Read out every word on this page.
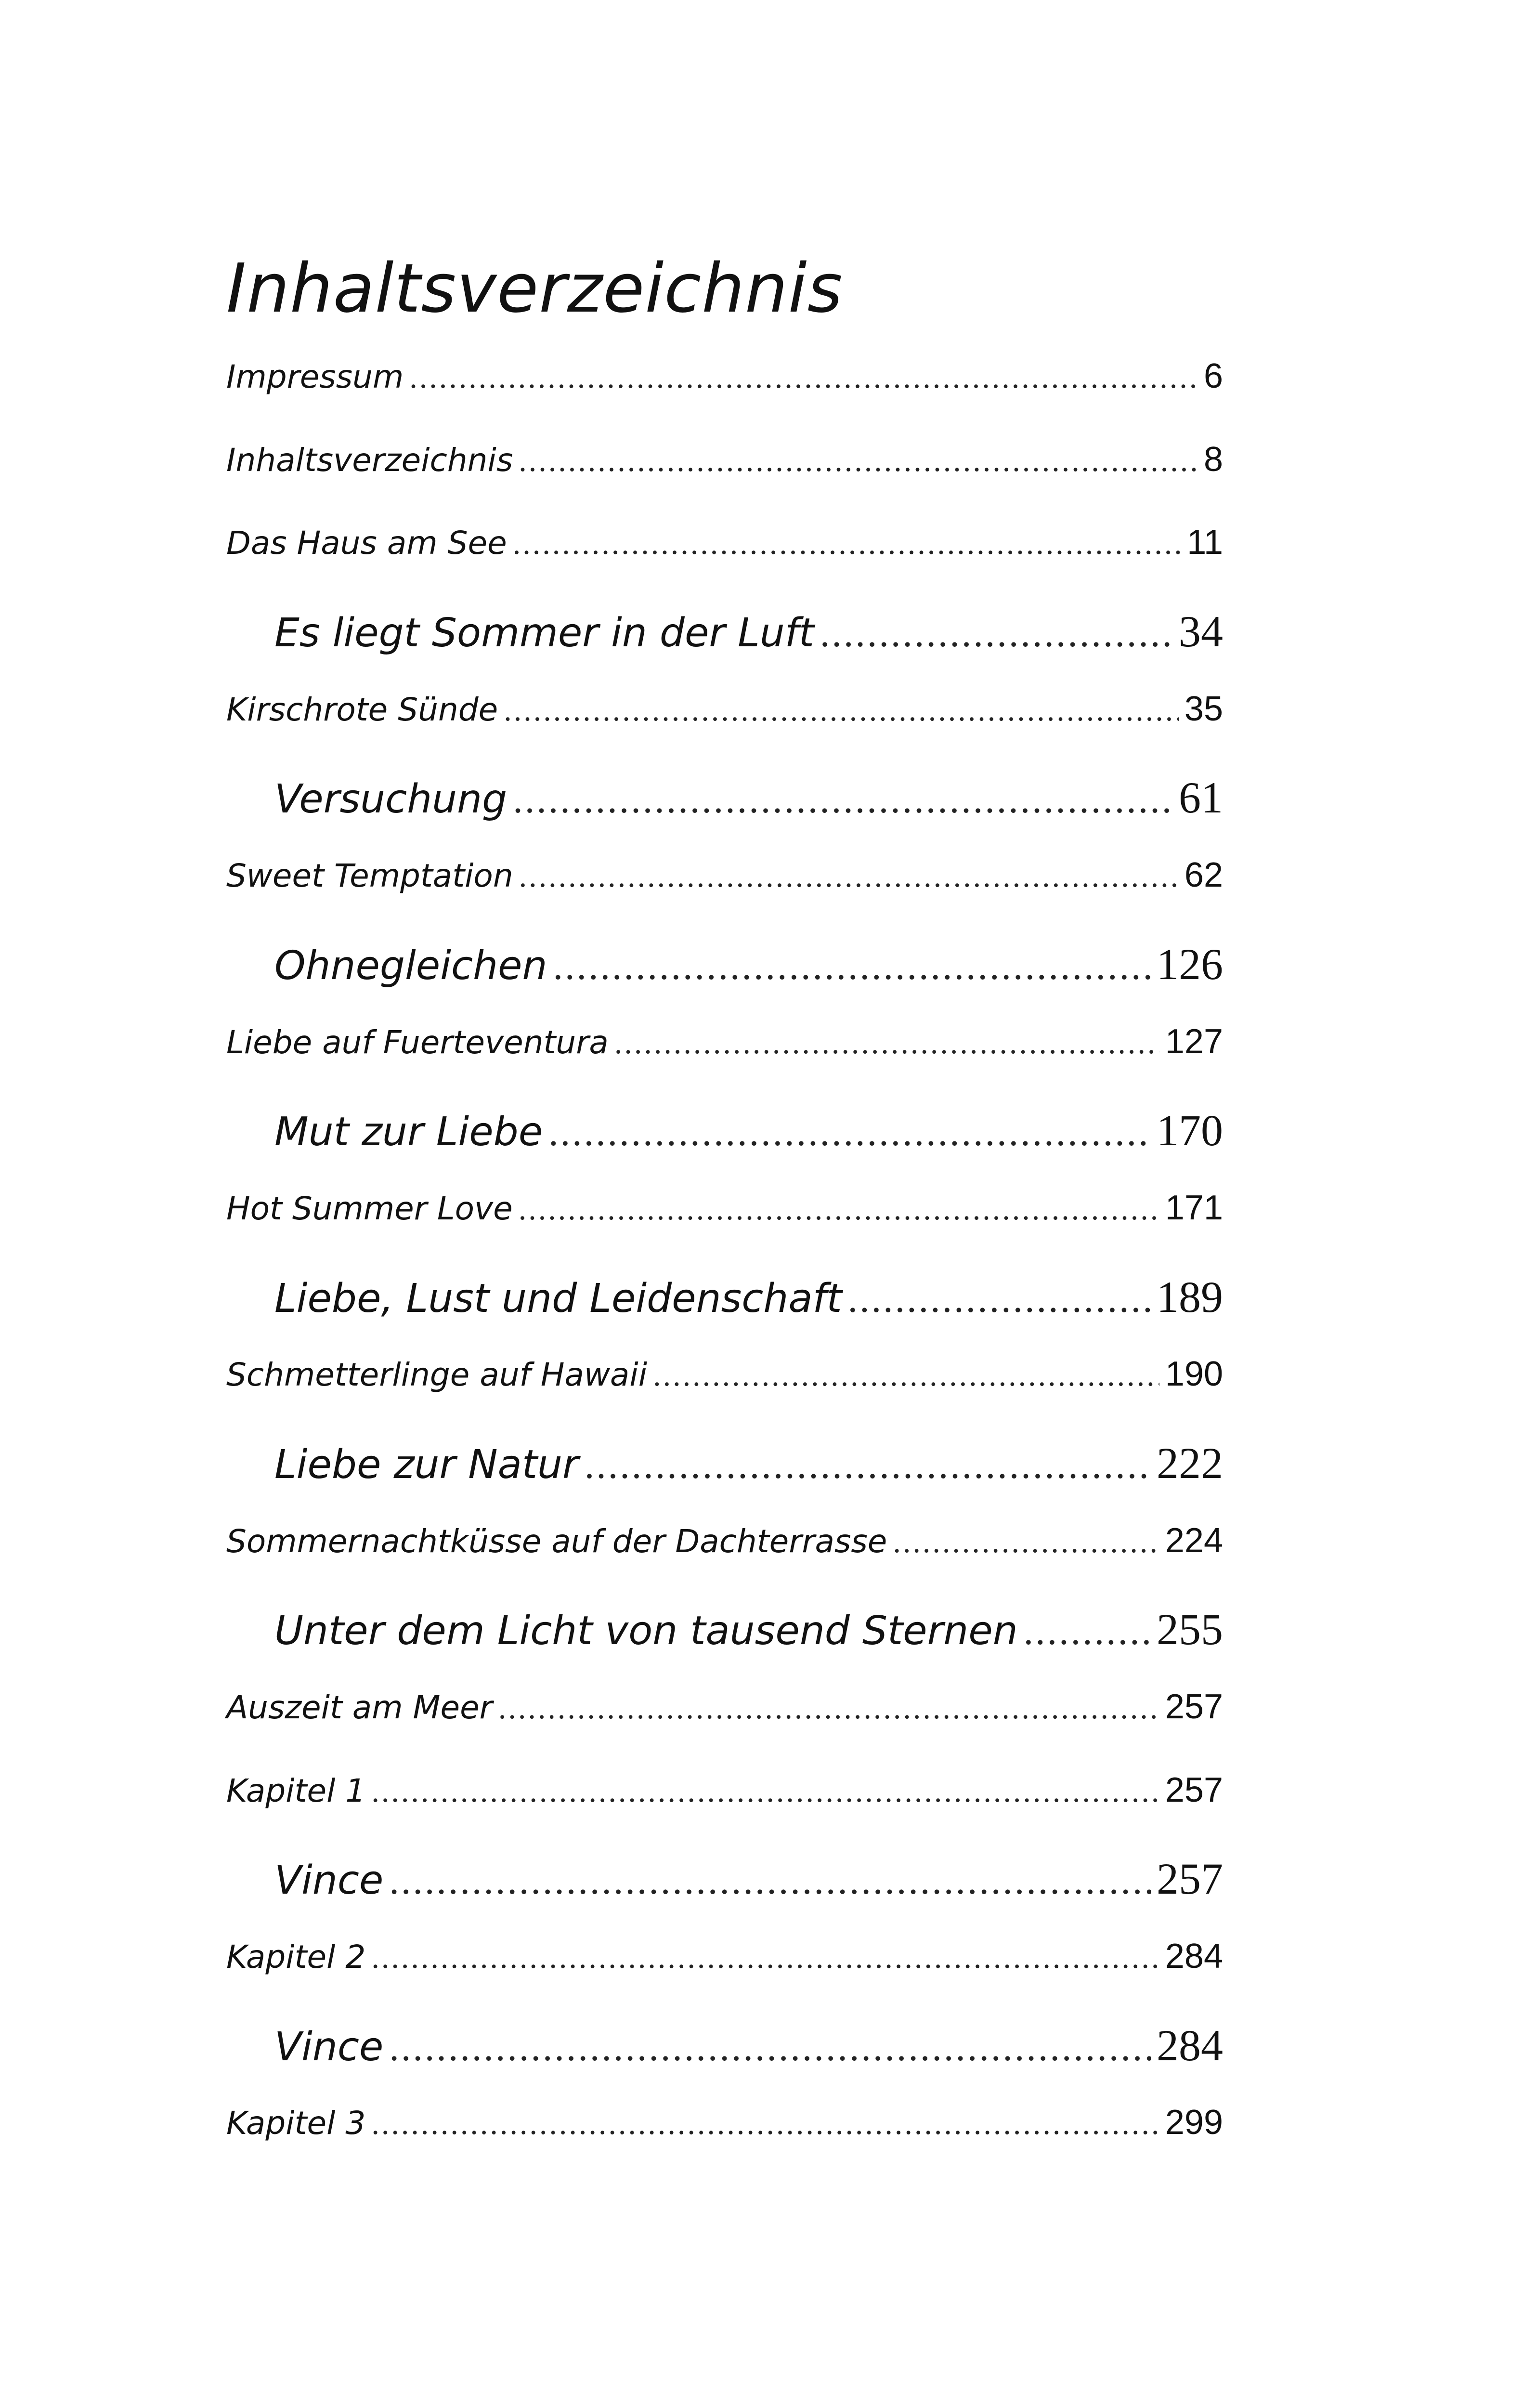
Inhaltsverzeichnis
Impressum .....	6
Inhaltsverzeichnis .....	8
Das Haus am See .....	11
Es liegt Sommer in der Luft .....	34
Kirschrote Sünde .....	35
Versuchung .....	61
Sweet Temptation .....	62
Ohnegleichen .....	126
Liebe auf Fuerteventura .....	127
Mut zur Liebe .....	170
Hot Summer Love .....	171
Liebe, Lust und Leidenschaft .....	189
Schmetterlinge auf Hawaii .....	190
Liebe zur Natur .....	222
Sommernachtküsse auf der Dachterrasse .....	224
Unter dem Licht von tausend Sternen .....	255
Auszeit am Meer .....	257
Kapitel 1 .....	257
Vince .....	257
Kapitel 2 .....	284
Vince .....	284
Kapitel 3 .....	299
